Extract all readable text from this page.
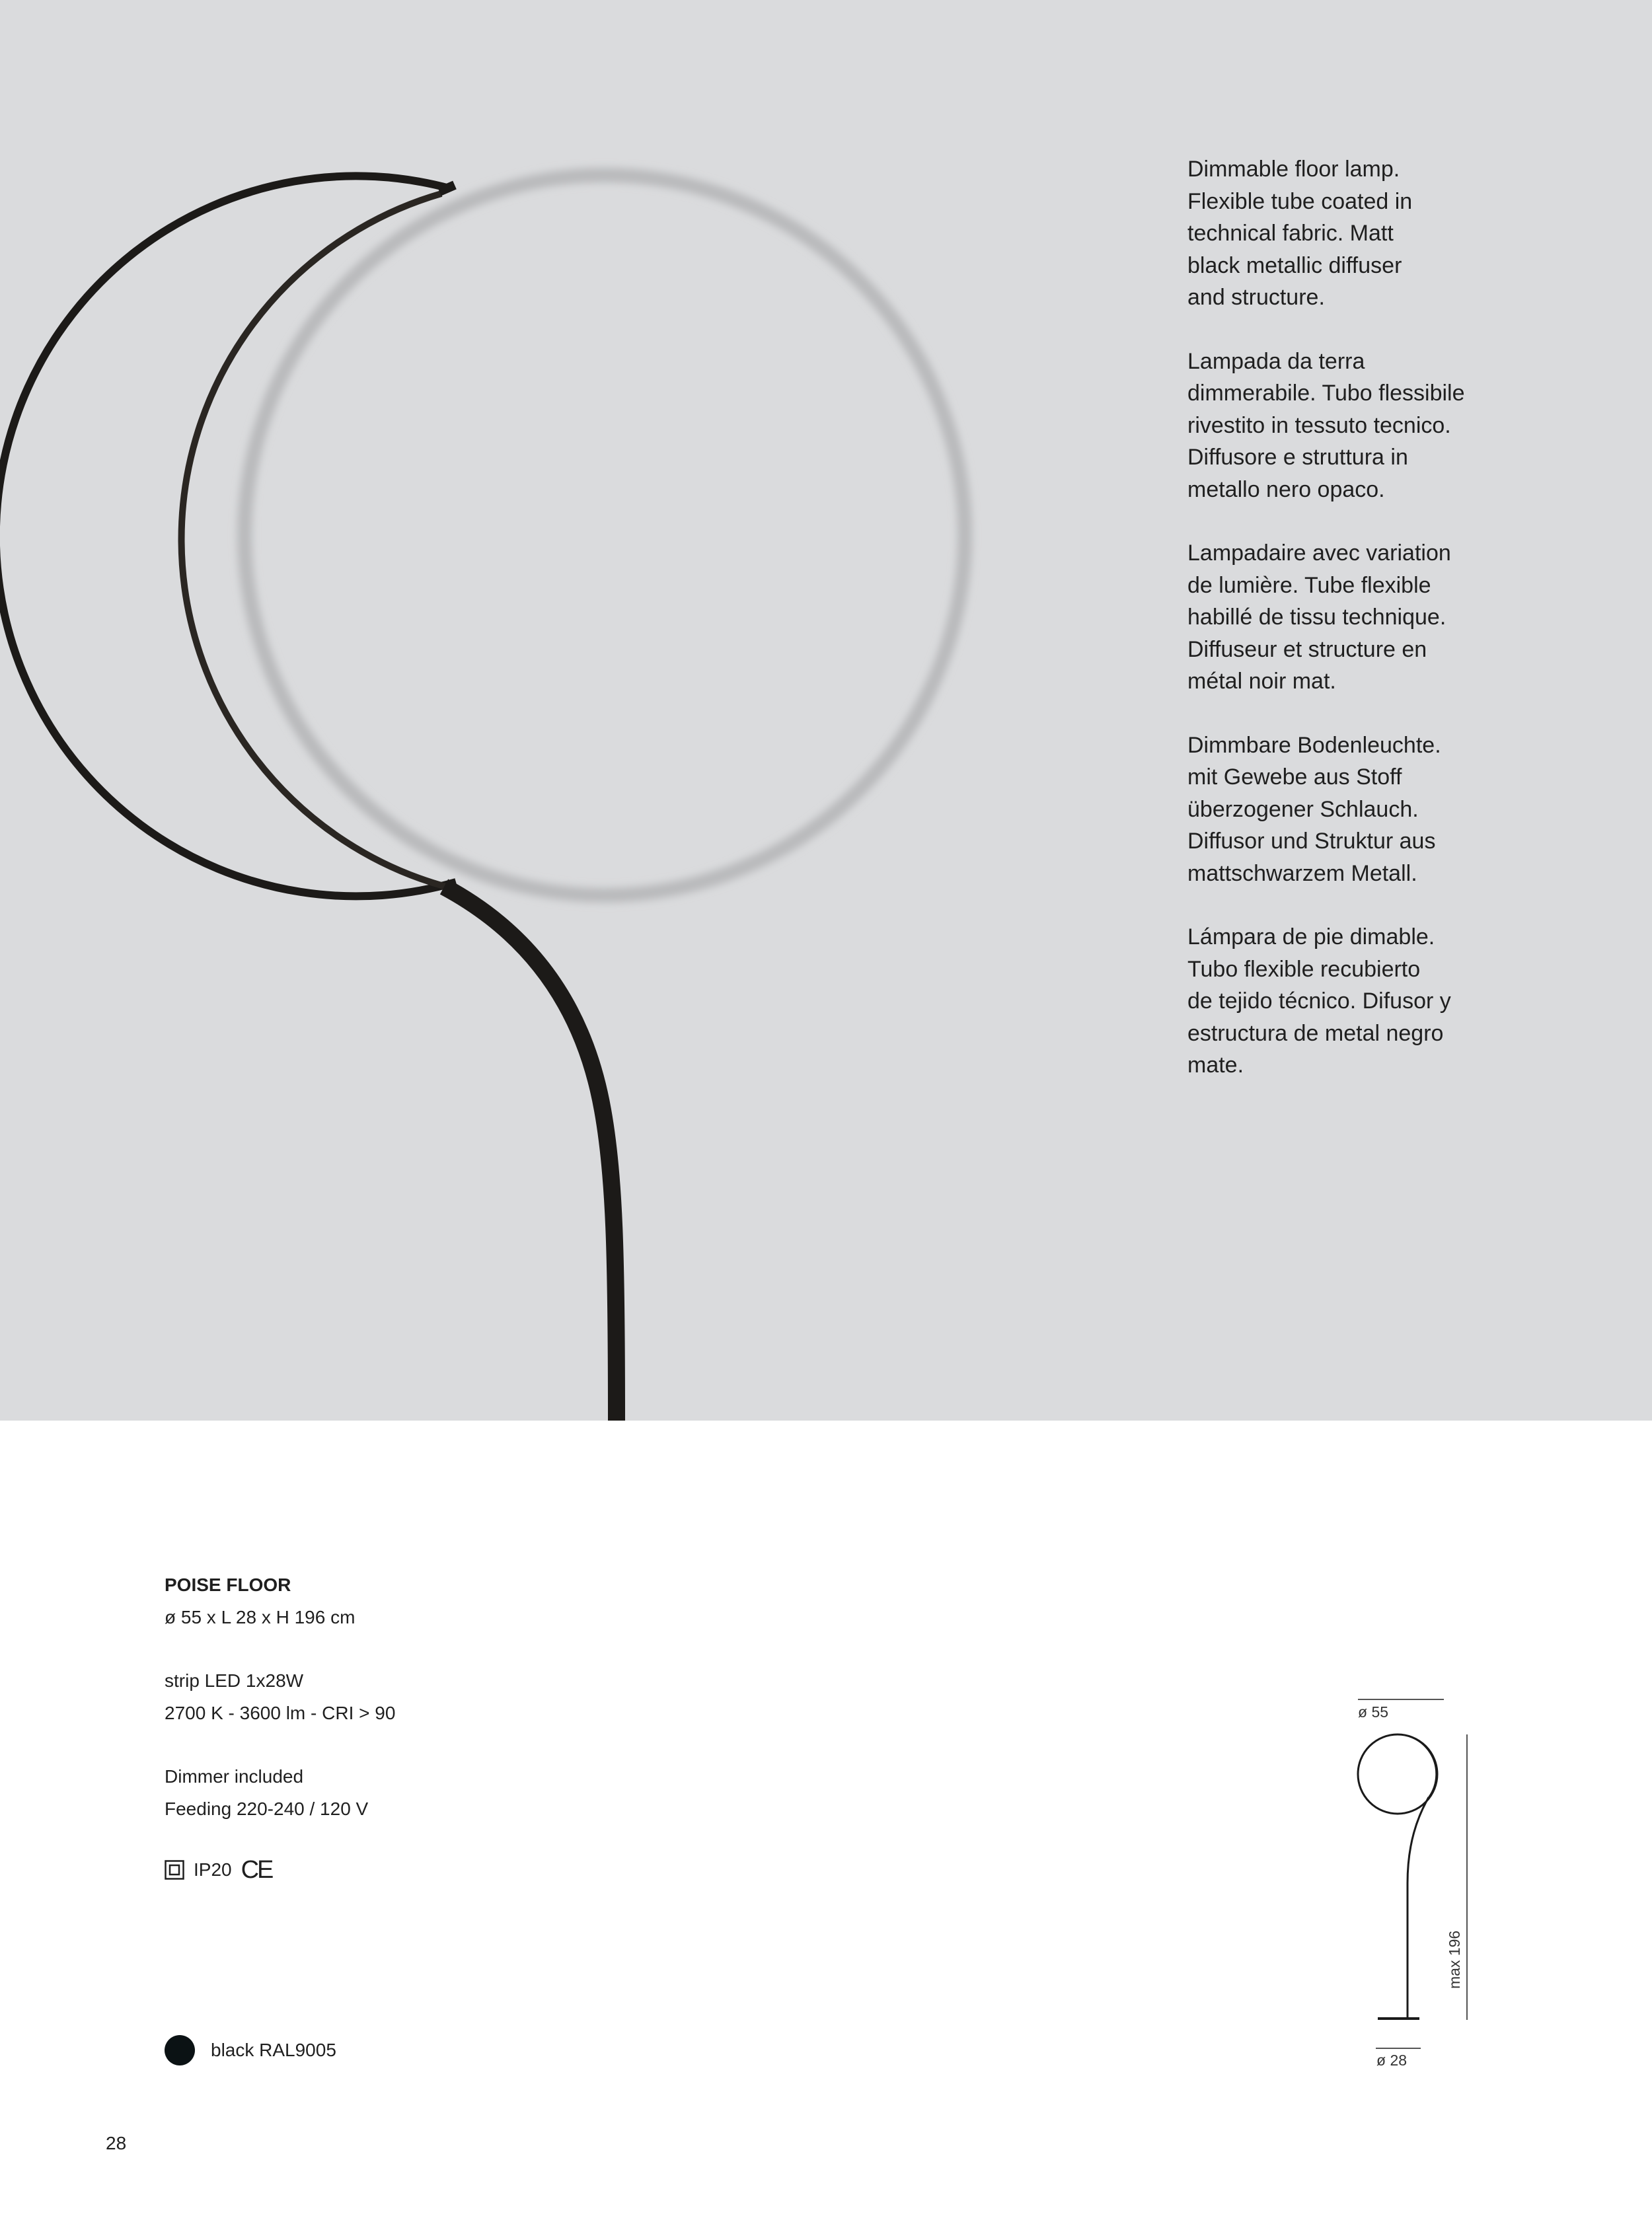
Dimmable floor lamp.
Flexible tube coated in
technical fabric. Matt
black metallic diffuser
and structure.

Lampada da terra
dimmerabile. Tubo flessibile
rivestito in tessuto tecnico.
Diffusore e struttura in
metallo nero opaco.

Lampadaire avec variation
de lumière. Tube flexible
habillé de tissu technique.
Diffuseur et structure en
métal noir mat.

Dimmbare Bodenleuchte.
mit Gewebe aus Stoff
überzogener Schlauch.
Diffusor und Struktur aus
mattschwarzem Metall.

Lámpara de pie dimable.
Tubo flexible recubierto
de tejido técnico. Difusor y
estructura de metal negro
mate.

POISE FLOOR
ø 55 x L 28 x H 196 cm
strip LED 1x28W
2700 K - 3600 lm - CRI > 90
Dimmer included
Feeding 220-240 / 120 V
IP20 CE
black RAL9005
ø 55
ø 28
max 196
28
